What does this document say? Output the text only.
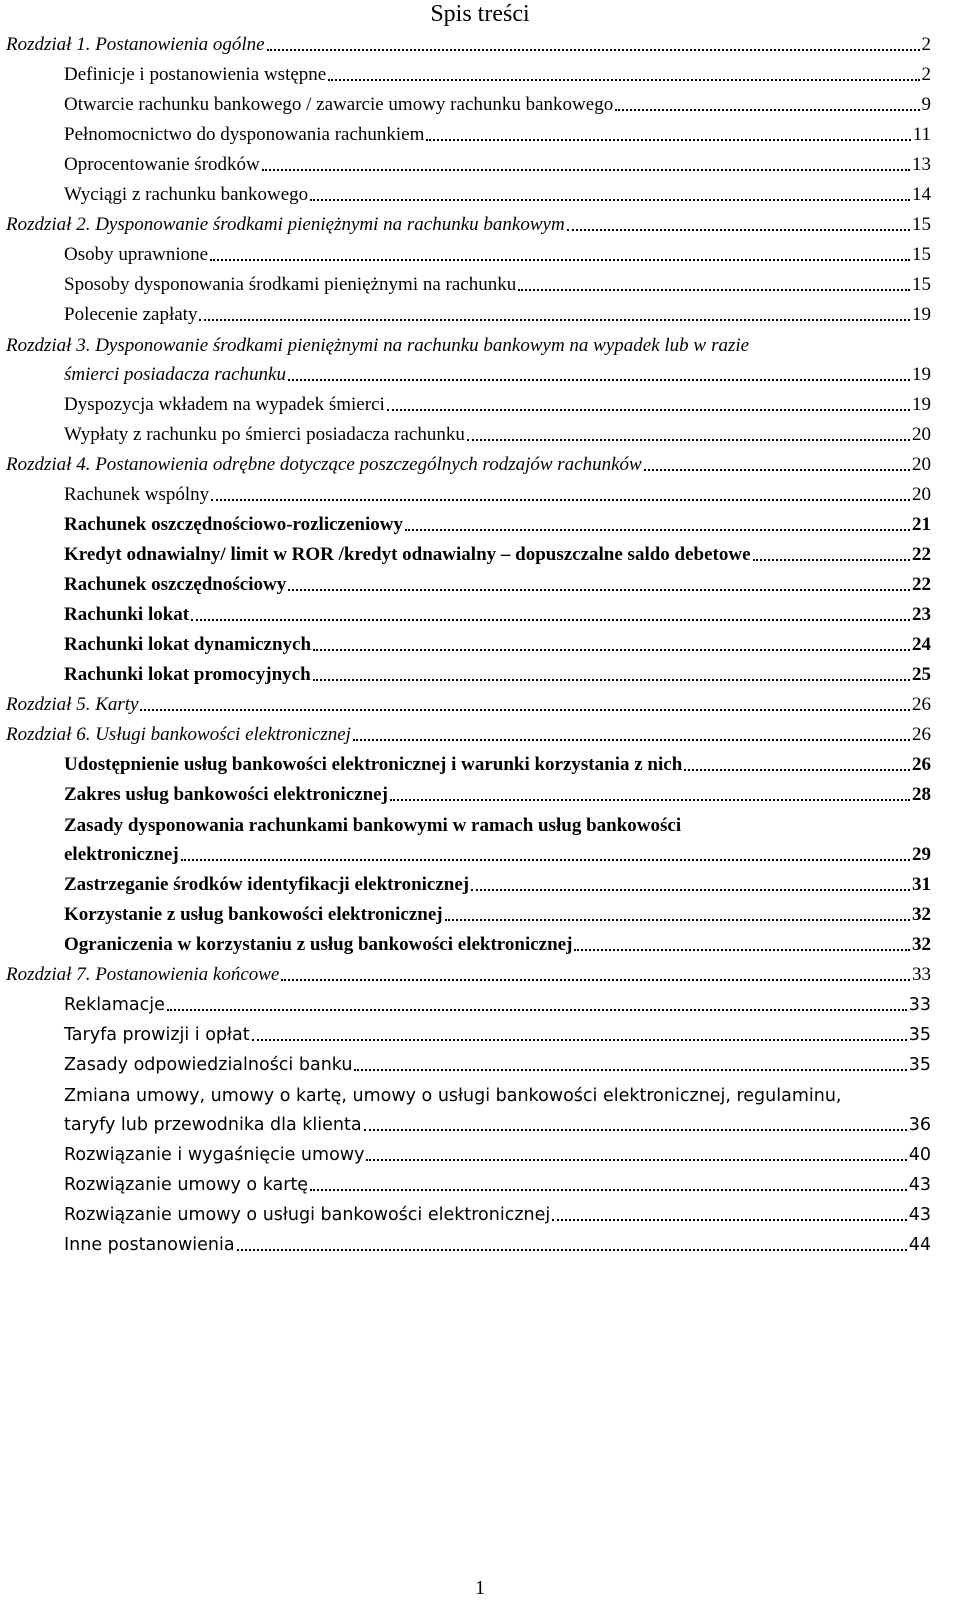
Spis treści
Rozdział 1. Postanowienia ogólne	2
Definicje i postanowienia wstępne	2
Otwarcie rachunku bankowego / zawarcie umowy rachunku bankowego	9
Pełnomocnictwo do dysponowania rachunkiem	11
Oprocentowanie środków	13
Wyciągi z rachunku bankowego	14
Rozdział 2. Dysponowanie środkami pieniężnymi na rachunku bankowym	15
Osoby uprawnione	15
Sposoby dysponowania środkami pieniężnymi na rachunku	15
Polecenie zapłaty	19
Rozdział 3. Dysponowanie środkami pieniężnymi na rachunku bankowym na wypadek lub w razie
śmierci posiadacza rachunku	19
Dyspozycja wkładem na wypadek śmierci	19
Wypłaty z rachunku po śmierci posiadacza rachunku	20
Rozdział 4. Postanowienia odrębne dotyczące poszczególnych rodzajów rachunków	20
Rachunek wspólny	20
Rachunek oszczędnościowo-rozliczeniowy	21
Kredyt odnawialny/ limit w ROR /kredyt odnawialny – dopuszczalne saldo debetowe	22
Rachunek oszczędnościowy	22
Rachunki lokat	23
Rachunki lokat dynamicznych	24
Rachunki lokat promocyjnych	25
Rozdział 5. Karty	26
Rozdział 6. Usługi bankowości elektronicznej	26
Udostępnienie usług bankowości elektronicznej i warunki korzystania z nich	26
Zakres usług bankowości elektronicznej	28
Zasady dysponowania rachunkami bankowymi w ramach usług bankowości
elektronicznej	29
Zastrzeganie środków identyfikacji elektronicznej	31
Korzystanie z usług bankowości elektronicznej	32
Ograniczenia w korzystaniu z usług bankowości elektronicznej	32
Rozdział 7. Postanowienia końcowe	33
Reklamacje	33
Taryfa prowizji i opłat	35
Zasady odpowiedzialności banku	35
Zmiana umowy, umowy o kartę, umowy o usługi bankowości elektronicznej, regulaminu,
taryfy lub przewodnika dla klienta	36
Rozwiązanie i wygaśnięcie umowy	40
Rozwiązanie umowy o kartę	43
Rozwiązanie umowy o usługi bankowości elektronicznej	43
Inne postanowienia	44
1
